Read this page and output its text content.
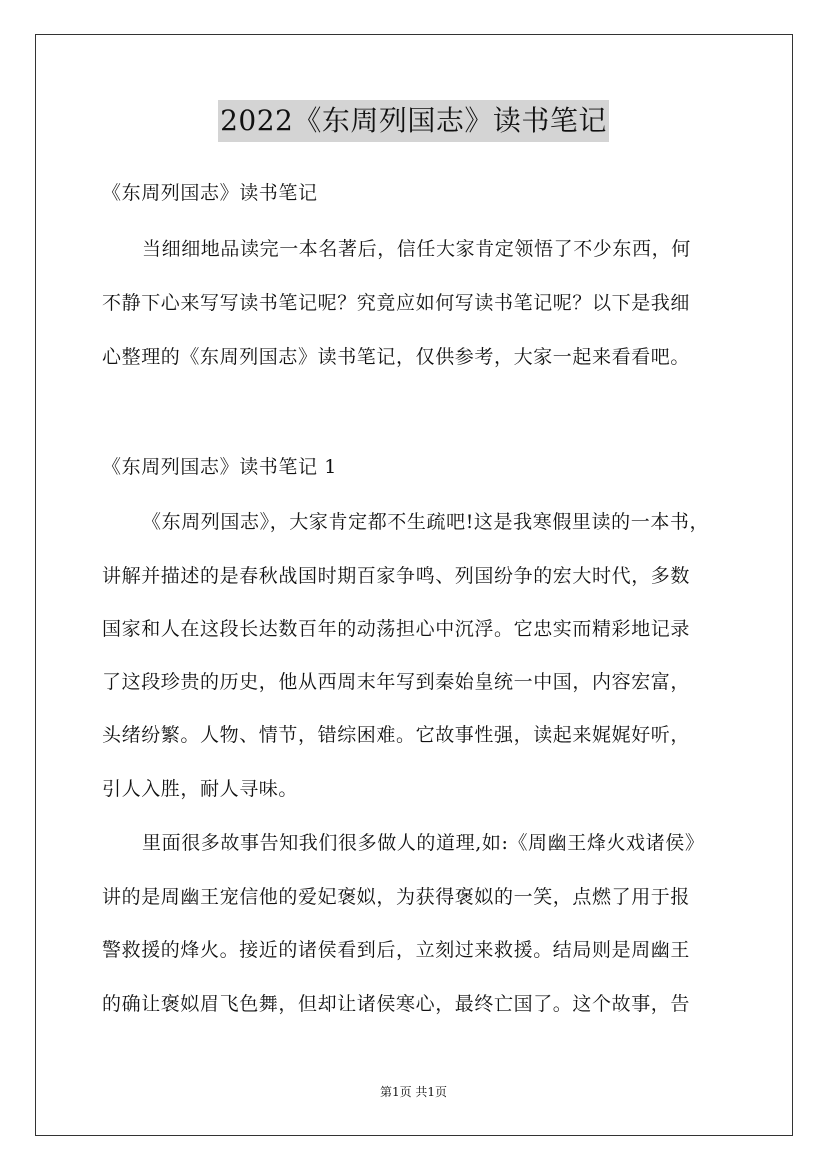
2022《东周列国志》读书笔记
《东周列国志》读书笔记
当细细地品读完一本名著后，信任大家肯定领悟了不少东西，何
不静下心来写写读书笔记呢？究竟应如何写读书笔记呢？以下是我细
心整理的《东周列国志》读书笔记，仅供参考，大家一起来看看吧。
《东周列国志》读书笔记 1
《东周列国志》，大家肯定都不生疏吧!这是我寒假里读的一本书，
讲解并描述的是春秋战国时期百家争鸣、列国纷争的宏大时代，多数
国家和人在这段长达数百年的动荡担心中沉浮。它忠实而精彩地记录
了这段珍贵的历史，他从西周末年写到秦始皇统一中国，内容宏富，
头绪纷繁。人物、情节，错综困难。它故事性强，读起来娓娓好听，
引人入胜，耐人寻味。
里面很多故事告知我们很多做人的道理,如:《周幽王烽火戏诸侯》
讲的是周幽王宠信他的爱妃褒姒，为获得褒姒的一笑，点燃了用于报
警救援的烽火。接近的诸侯看到后，立刻过来救援。结局则是周幽王
的确让褒姒眉飞色舞，但却让诸侯寒心，最终亡国了。这个故事，告
第1页 共1页
